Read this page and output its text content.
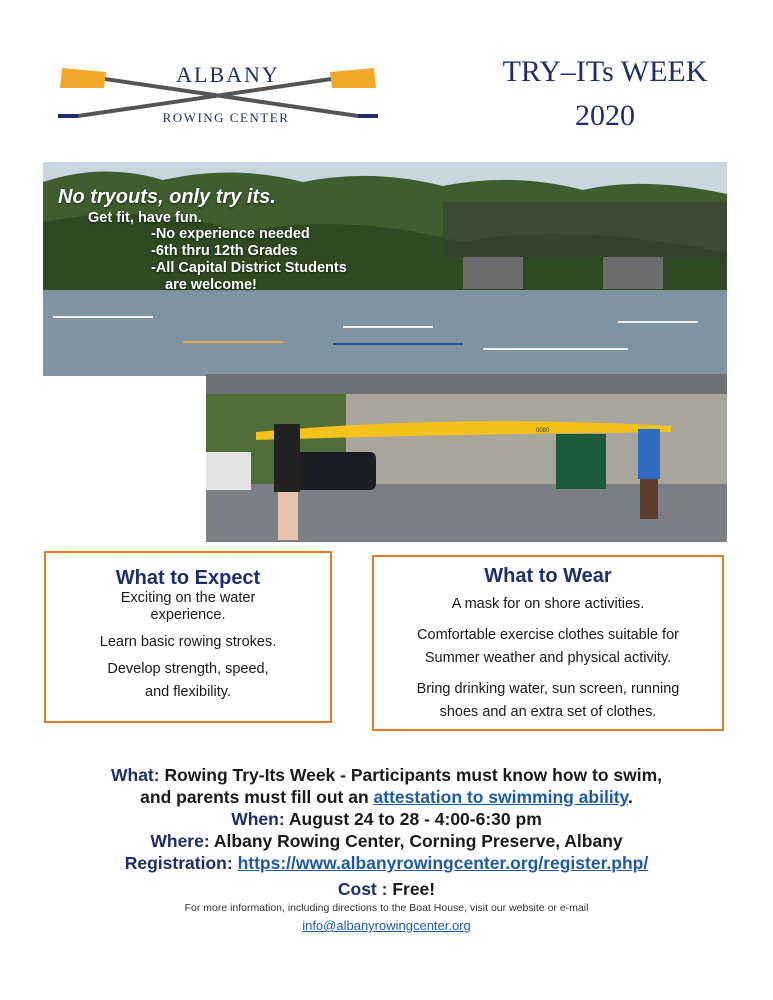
ALBANY
ROWING CENTER
TRY–ITs WEEK
2020
No tryouts, only try its.
Get fit, have fun.
-No experience needed
-6th thru 12th Grades
-All Capital District Students
are welcome!
0080
What to Expect

Exciting on the water

experience.

Learn basic rowing strokes.

Develop strength, speed,

and flexibility.

What to Wear

A mask for on shore activities.

Comfortable exercise clothes suitable for

Summer weather and physical activity.

Bring drinking water, sun screen, running

shoes and an extra set of clothes.

What: Rowing Try-Its Week - Participants must know how to swim,
and parents must fill out an attestation to swimming ability.
When: August 24 to 28 - 4:00-6:30 pm
Where: Albany Rowing Center, Corning Preserve, Albany
Registration: https://www.albanyrowingcenter.org/register.php/
Cost : Free!
For more information, including directions to the Boat House, visit our website or e-mail
info@albanyrowingcenter.org
